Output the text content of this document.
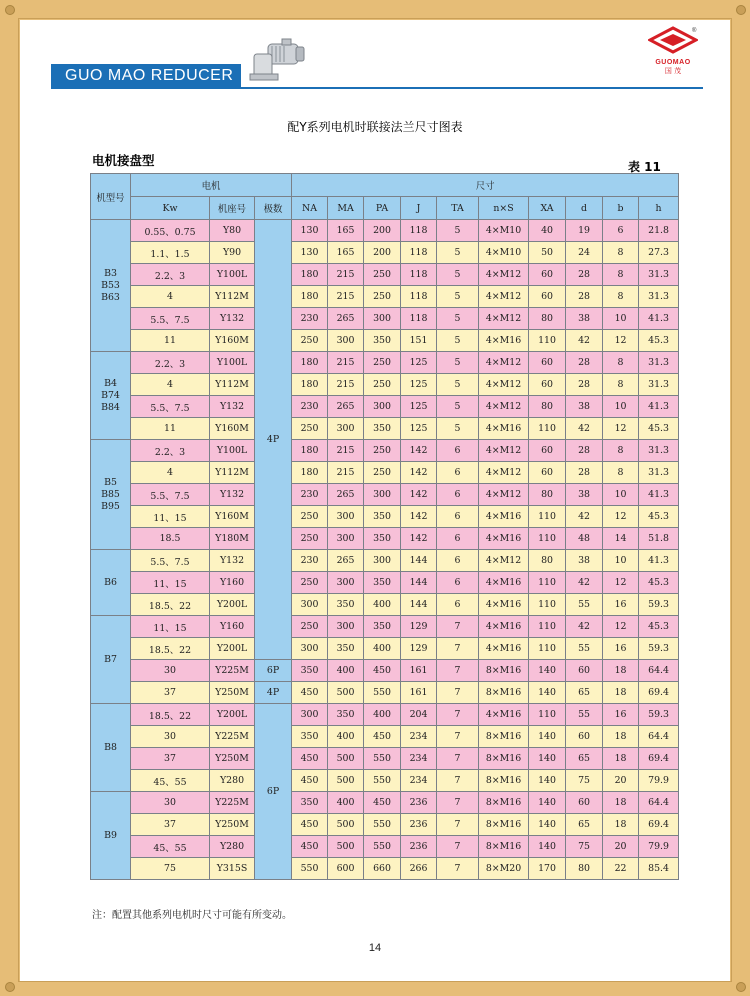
GUO MAO REDUCER
®
GUOMAO
国 茂
配Y系列电机时联接法兰尺寸图表
电机接盘型	表 11
机型号	电机			尺寸									
	Kw	机座号	极数	NA	MA	PA	J	TA	n×S	XA	d	b	h
B3
B53
B63	0.55、0.75	Y80	4P	130	165	200	118	5	4×M10	40	19	6	21.8
	1.1、1.5	Y90		130	165	200	118	5	4×M10	50	24	8	27.3
	2.2、3	Y100L		180	215	250	118	5	4×M12	60	28	8	31.3
	4	Y112M		180	215	250	118	5	4×M12	60	28	8	31.3
	5.5、7.5	Y132		230	265	300	118	5	4×M12	80	38	10	41.3
	11	Y160M		250	300	350	151	5	4×M16	110	42	12	45.3
B4
B74
B84	2.2、3	Y100L		180	215	250	125	5	4×M12	60	28	8	31.3
	4	Y112M		180	215	250	125	5	4×M12	60	28	8	31.3
	5.5、7.5	Y132		230	265	300	125	5	4×M12	80	38	10	41.3
	11	Y160M		250	300	350	125	5	4×M16	110	42	12	45.3
B5
B85
B95	2.2、3	Y100L		180	215	250	142	6	4×M12	60	28	8	31.3
	4	Y112M		180	215	250	142	6	4×M12	60	28	8	31.3
	5.5、7.5	Y132		230	265	300	142	6	4×M12	80	38	10	41.3
	11、15	Y160M		250	300	350	142	6	4×M16	110	42	12	45.3
	18.5	Y180M		250	300	350	142	6	4×M16	110	48	14	51.8
B6	5.5、7.5	Y132		230	265	300	144	6	4×M12	80	38	10	41.3
	11、15	Y160		250	300	350	144	6	4×M16	110	42	12	45.3
	18.5、22	Y200L		300	350	400	144	6	4×M16	110	55	16	59.3
B7	11、15	Y160		250	300	350	129	7	4×M16	110	42	12	45.3
	18.5、22	Y200L		300	350	400	129	7	4×M16	110	55	16	59.3
	30	Y225M	6P	350	400	450	161	7	8×M16	140	60	18	64.4
	37	Y250M	4P	450	500	550	161	7	8×M16	140	65	18	69.4
B8	18.5、22	Y200L	6P	300	350	400	204	7	4×M16	110	55	16	59.3
	30	Y225M		350	400	450	234	7	8×M16	140	60	18	64.4
	37	Y250M		450	500	550	234	7	8×M16	140	65	18	69.4
	45、55	Y280		450	500	550	234	7	8×M16	140	75	20	79.9
B9	30	Y225M		350	400	450	236	7	8×M16	140	60	18	64.4
	37	Y250M		450	500	550	236	7	8×M16	140	65	18	69.4
	45、55	Y280		450	500	550	236	7	8×M16	140	75	20	79.9
	75	Y315S		550	600	660	266	7	8×M20	170	80	22	85.4
注：配置其他系列电机时尺寸可能有所变动。
14
